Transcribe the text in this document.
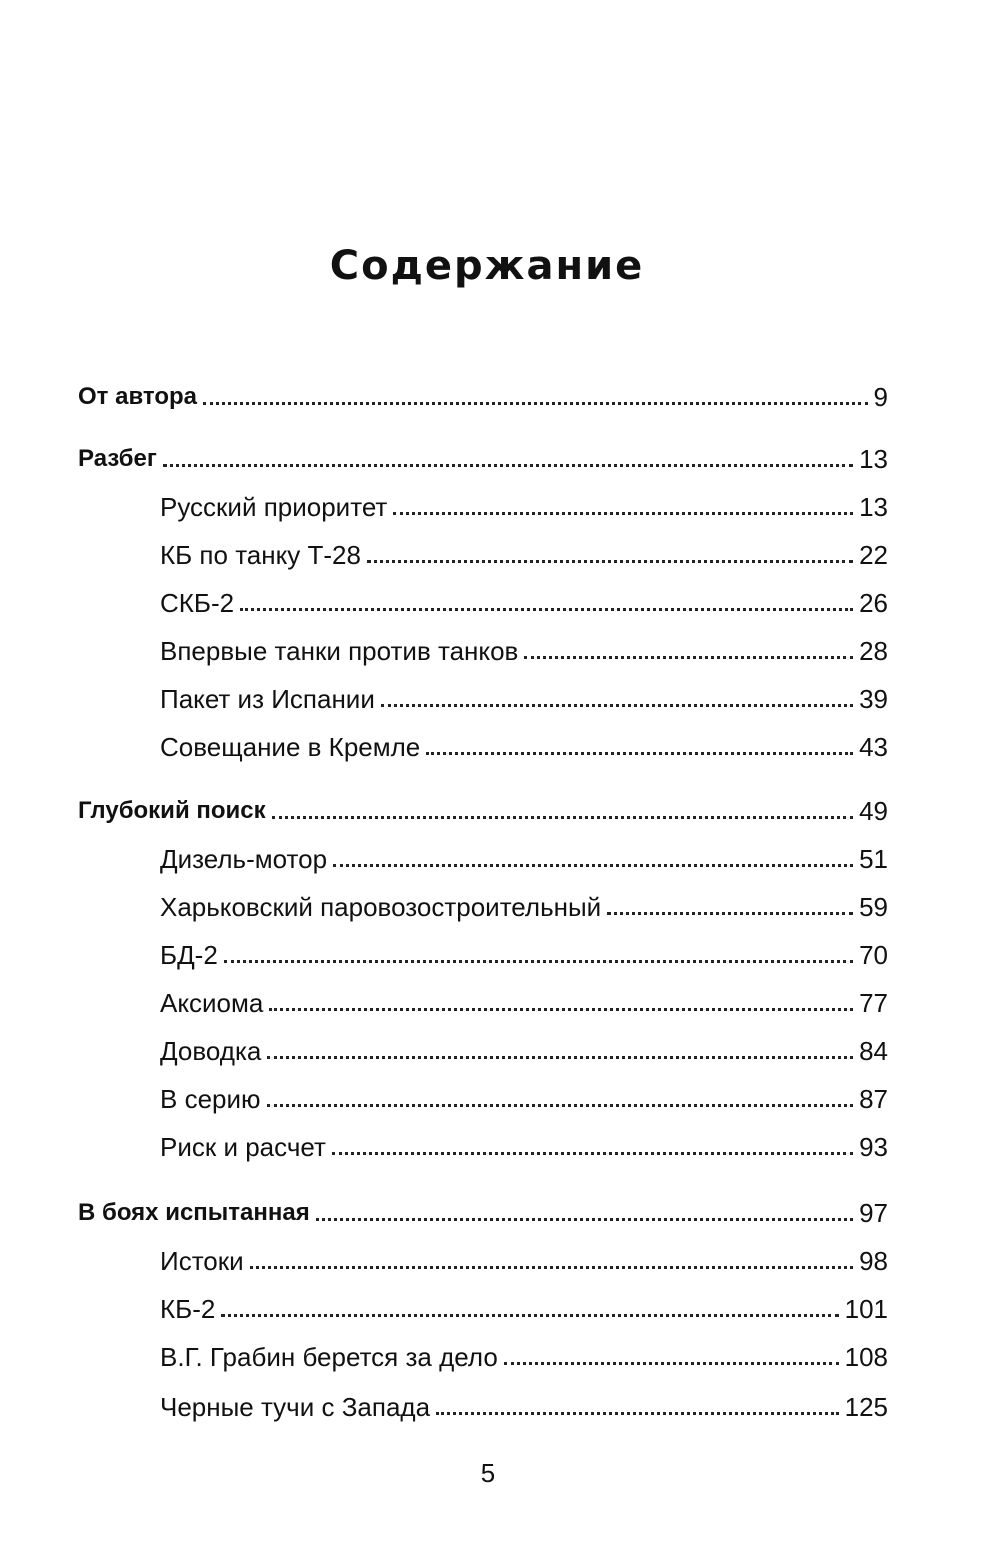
Содержание
От автора	9
Разбег	13
Русский приоритет	13
КБ по танку Т-28	22
СКБ-2	26
Впервые танки против танков	28
Пакет из Испании	39
Совещание в Кремле	43
Глубокий поиск	49
Дизель-мотор	51
Харьковский паровозостроительный	59
БД-2	70
Аксиома	77
Доводка	84
В серию	87
Риск и расчет	93
В боях испытанная	97
Истоки	98
КБ-2	101
В.Г. Грабин берется за дело	108
Черные тучи с Запада	125
5
